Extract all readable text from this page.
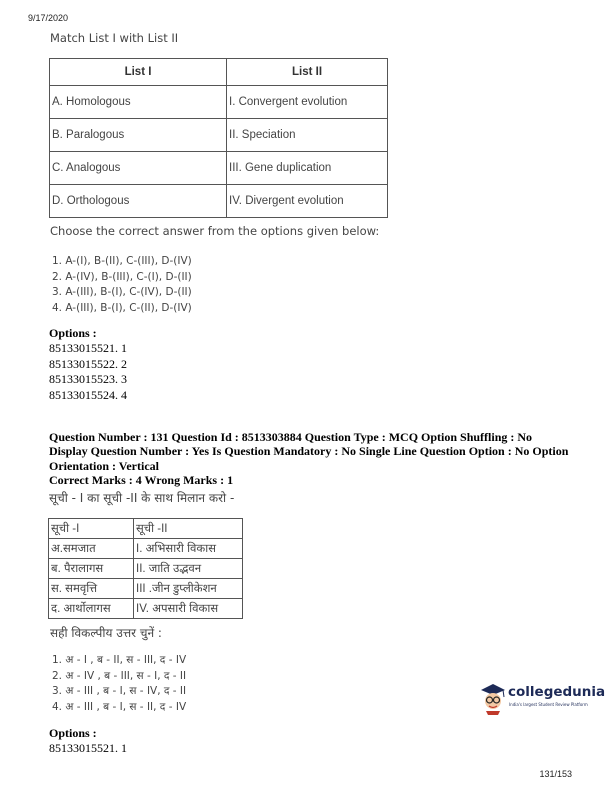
9/17/2020
Match List I with List II
List I	List II
A. Homologous	I. Convergent evolution
B. Paralogous	II. Speciation
C. Analogous	III. Gene duplication
D. Orthologous	IV. Divergent evolution
Choose the correct answer from the options given below:
1. A-(I), B-(II), C-(III), D-(IV)
2. A-(IV), B-(III), C-(I), D-(II)
3. A-(III), B-(I), C-(IV), D-(II)
4. A-(III), B-(I), C-(II), D-(IV)
Options :
85133015521. 1
85133015522. 2
85133015523. 3
85133015524. 4
Question Number : 131 Question Id : 8513303884 Question Type : MCQ Option Shuffling : No
Display Question Number : Yes Is Question Mandatory : No Single Line Question Option : No Option
Orientation : Vertical
Correct Marks : 4 Wrong Marks : 1
सूची - I का सूची -II के साथ मिलान करो -
सूची -I	सूची -II
अ.समजात	I. अभिसारी विकास
ब. पैरालागस	II. जाति उद्भवन
स. समवृत्ति	III .जीन डुप्लीकेशन
द. आर्थोलागस	IV. अपसारी विकास
सही विकल्पीय उत्तर चुनें :
1. अ - I , ब - II, स - III, द - IV
2. अ - IV , ब - III, स - I, द - II
3. अ - III , ब - I, स - IV, द - II
4. अ - III , ब - I, स - II, द - IV
Options :
85133015521. 1
collegedunia
India's largest Student Review Platform
131/153
